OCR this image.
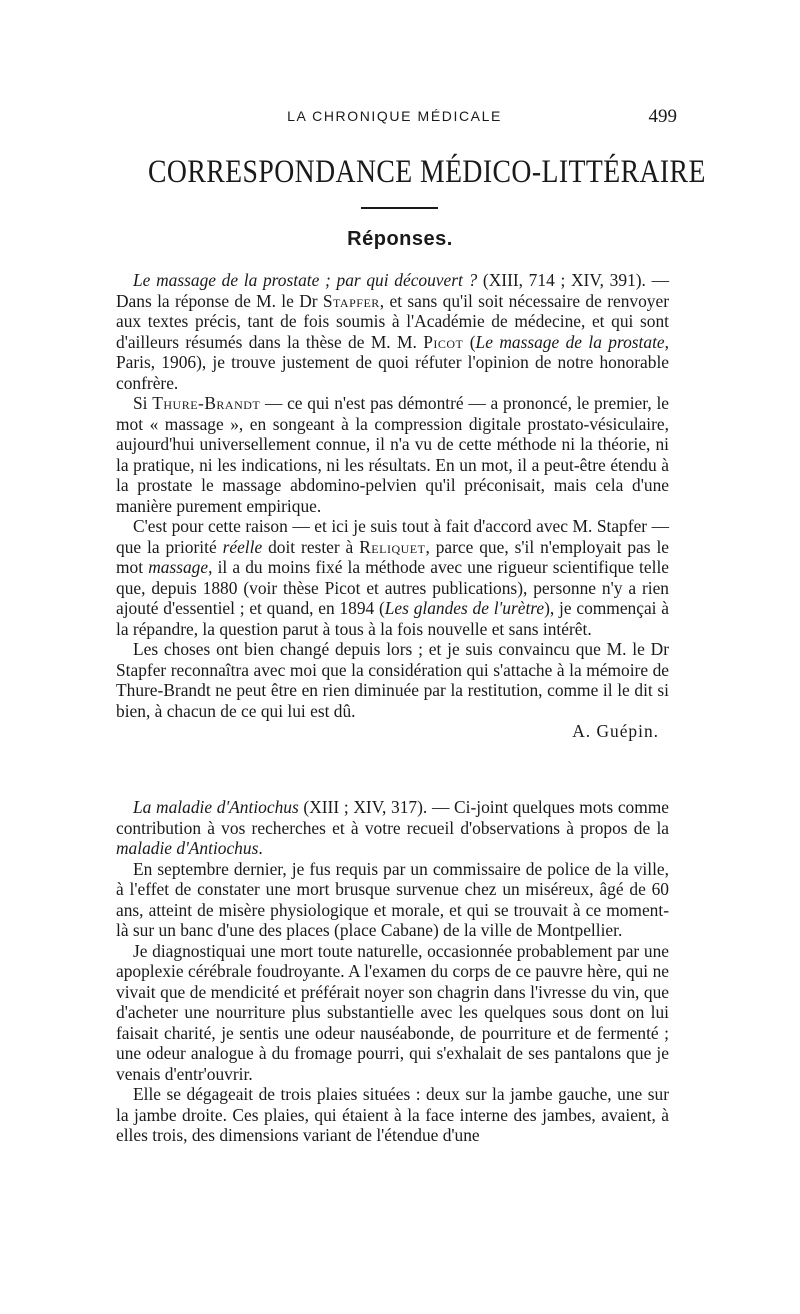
LA CHRONIQUE MÉDICALE	499
CORRESPONDANCE MÉDICO-LITTÉRAIRE
Réponses.

Le massage de la prostate ; par qui découvert ? (XIII, 714 ; XIV, 391). — Dans la réponse de M. le Dr Stapfer, et sans qu'il soit nécessaire de renvoyer aux textes précis, tant de fois soumis à l'Académie de médecine, et qui sont d'ailleurs résumés dans la thèse de M. M. Picot (Le massage de la prostate, Paris, 1906), je trouve justement de quoi réfuter l'opinion de notre honorable confrère.

Si Thure-Brandt — ce qui n'est pas démontré — a prononcé, le premier, le mot « massage », en songeant à la compression digitale prostato-vésiculaire, aujourd'hui universellement connue, il n'a vu de cette méthode ni la théorie, ni la pratique, ni les indications, ni les résultats. En un mot, il a peut-être étendu à la prostate le massage abdomino-pelvien qu'il préconisait, mais cela d'une manière purement empirique.

C'est pour cette raison — et ici je suis tout à fait d'accord avec M. Stapfer — que la priorité réelle doit rester à Reliquet, parce que, s'il n'employait pas le mot massage, il a du moins fixé la méthode avec une rigueur scientifique telle que, depuis 1880 (voir thèse Picot et autres publications), personne n'y a rien ajouté d'essentiel ; et quand, en 1894 (Les glandes de l'urètre), je commençai à la répandre, la question parut à tous à la fois nouvelle et sans intérêt.

Les choses ont bien changé depuis lors ; et je suis convaincu que M. le Dr Stapfer reconnaîtra avec moi que la considération qui s'attache à la mémoire de Thure-Brandt ne peut être en rien diminuée par la restitution, comme il le dit si bien, à chacun de ce qui lui est dû.

A. Guépin.

La maladie d'Antiochus (XIII ; XIV, 317). — Ci-joint quelques mots comme contribution à vos recherches et à votre recueil d'observations à propos de la maladie d'Antiochus.

En septembre dernier, je fus requis par un commissaire de police de la ville, à l'effet de constater une mort brusque survenue chez un miséreux, âgé de 60 ans, atteint de misère physiologique et morale, et qui se trouvait à ce moment-là sur un banc d'une des places (place Cabane) de la ville de Montpellier.

Je diagnostiquai une mort toute naturelle, occasionnée probablement par une apoplexie cérébrale foudroyante. A l'examen du corps de ce pauvre hère, qui ne vivait que de mendicité et préférait noyer son chagrin dans l'ivresse du vin, que d'acheter une nourriture plus substantielle avec les quelques sous dont on lui faisait charité, je sentis une odeur nauséabonde, de pourriture et de fermenté ; une odeur analogue à du fromage pourri, qui s'exhalait de ses pantalons que je venais d'entr'ouvrir.

Elle se dégageait de trois plaies situées : deux sur la jambe gauche, une sur la jambe droite. Ces plaies, qui étaient à la face interne des jambes, avaient, à elles trois, des dimensions variant de l'étendue d'une
